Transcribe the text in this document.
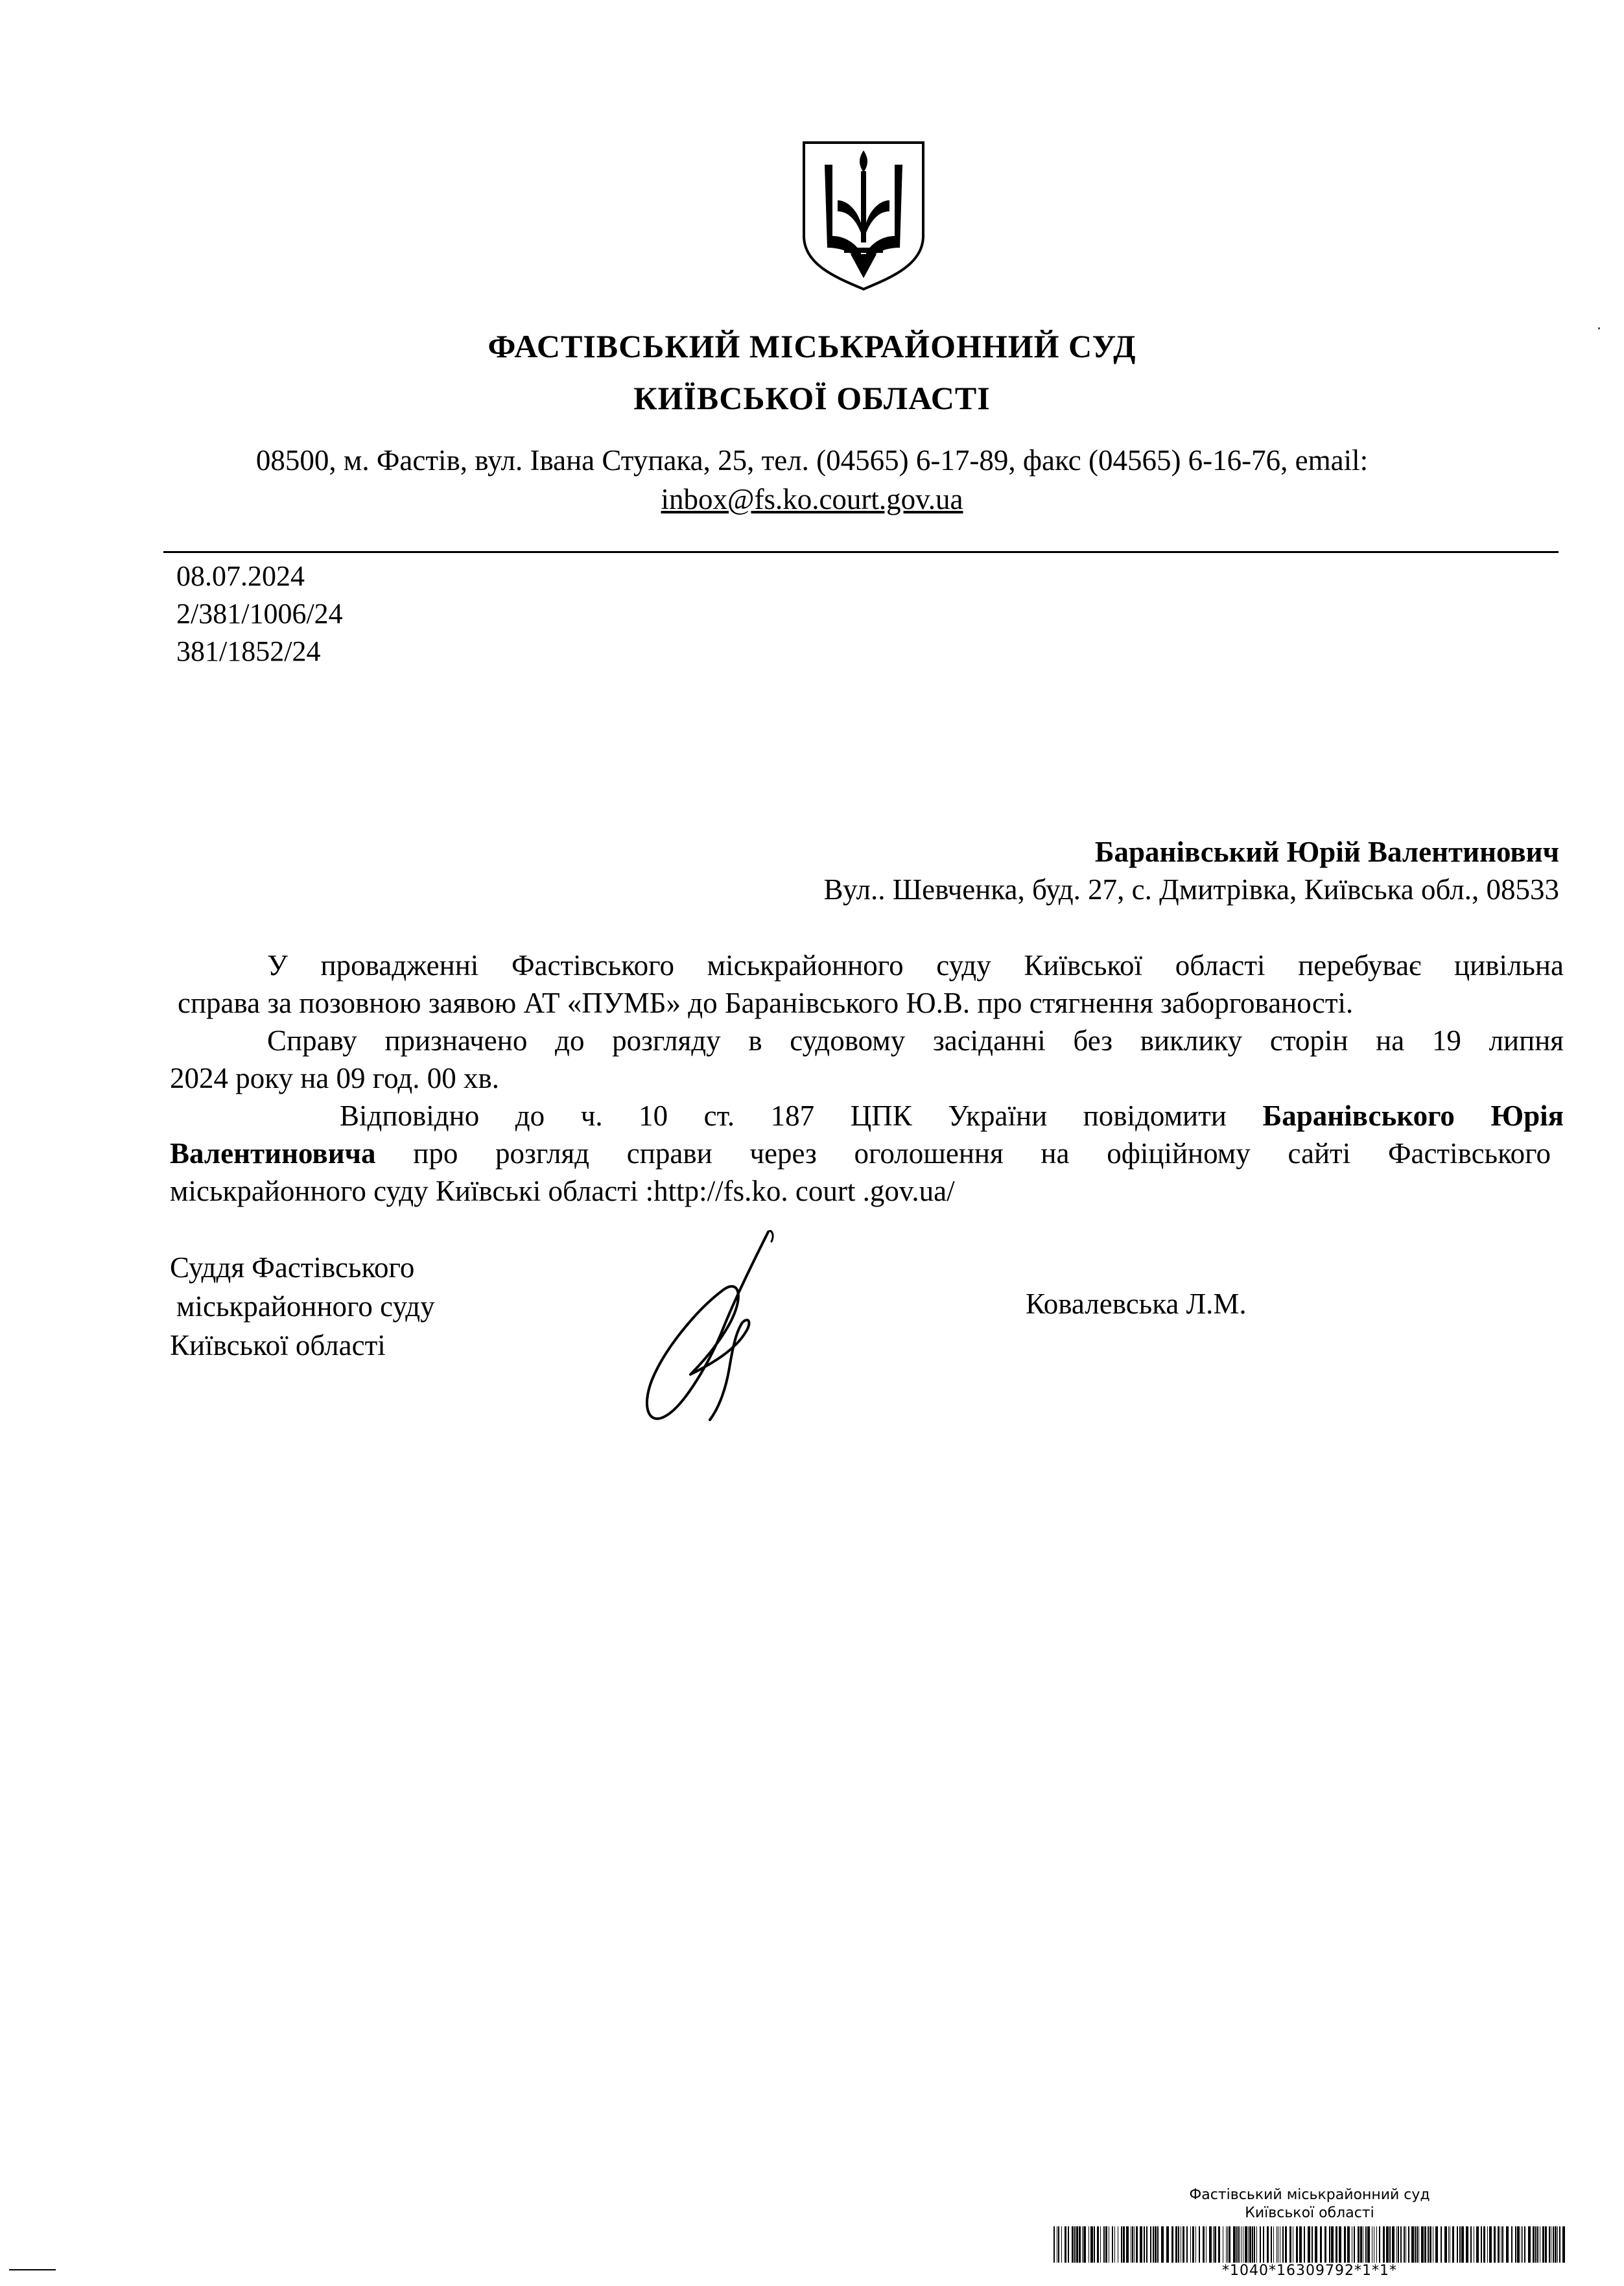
ФАСТІВСЬКИЙ МІСЬКРАЙОННИЙ СУД
КИЇВСЬКОЇ ОБЛАСТІ
08500, м. Фастів, вул. Івана Ступака, 25, тел. (04565) 6-17-89, факс (04565) 6-16-76, email:
inbox@fs.ko.court.gov.ua
08.07.2024
2/381/1006/24
381/1852/24
Баранівський Юрій Валентинович
Вул.. Шевченка, буд. 27, с. Дмитрівка, Київська обл., 08533

У провадженні Фастівського міськрайонного суду Київської області перебуває цивільна
справа за позовною заявою АТ «ПУМБ» до Баранівського Ю.В. про стягнення заборгованості.

Справу призначено до розгляду в судовому засіданні без виклику сторін на 19 липня
2024 року на 09 год. 00 хв.

Відповідно до ч. 10 ст. 187 ЦПК України повідомити Баранівського Юрія
Валентиновича про розгляд справи через оголошення на офіційному сайті Фастівського
міськрайонного суду Київські області :http://fs.ko. court .gov.ua/

Суддя Фастівського
міськрайонного суду
Київської області
Ковалевська Л.М.
Фастівський міськрайонний суд
Київської області
*1040*16309792*1*1*
